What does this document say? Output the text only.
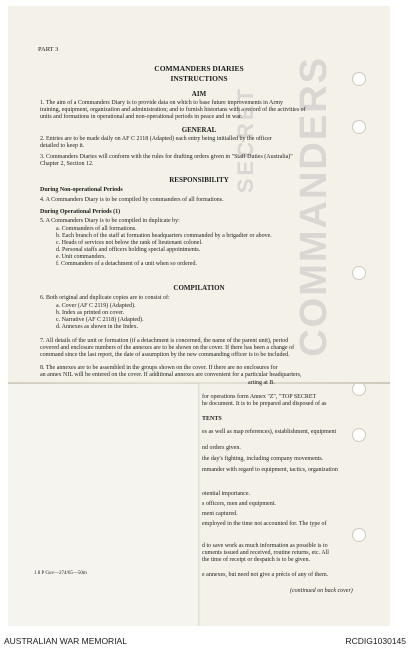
COMMANDERS
SECRET
PART 3
COMMANDERS DIARIES
INSTRUCTIONS
AIM
1. The aim of a Commanders Diary is to provide data on which to base future improvements in Army
training, equipment, organization and administration; and to furnish historians with a record of the activities of
units and formations in operational and non-operational periods in peace and in war.
GENERAL
2. Entries are to be made daily on AF C 2118 (Adapted) each entry being initialled by the officer
detailed to keep it.
3. Commanders Diaries will conform with the rules for drafting orders given in "Staff Duties (Australia)"
Chapter 2, Section 12.
RESPONSIBILITY
During Non-operational Periods
4. A Commanders Diary is to be compiled by commanders of all formations.
During Operational Periods (1)
5. A Commanders Diary is to be compiled in duplicate by:
a. Commanders of all formations.
b. Each branch of the staff at formation headquarters commanded by a brigadier or above.
c. Heads of services not below the rank of lieutenant colonel.
d. Personal staffs and officers holding special appointments.
e. Unit commanders.
f. Commanders of a detachment of a unit when so ordered.
COMPILATION
6. Both original and duplicate copies are to consist of:
a. Cover (AF C 2119) (Adapted).
b. Index as printed on cover.
c. Narrative (AF C 2118) (Adapted).
d. Annexes as shown in the Index.
7. All details of the unit or formation (if a detachment is concerned, the name of the parent unit), period
covered and enclosure numbers of the annexes are to be shown on the cover. If there has been a change of
command since the last report, the date of assumption by the new commanding officer is to be included.
8. The annexes are to be assembled in the groups shown on the cover. If there are no enclosures for
an annex NIL will be entered on the cover. If additional annexes are convenient for a particular headquarters,
1 8 P Gov—274/65—50m
arting at B.
for operations form Annex "Z", "TOP SECRET
he document. It is to be prepared and disposed of as
TENTS
es as well as map references), establishment, equipment
nd orders given.
the day's fighting, including company movements.
mmander with regard to equipment, tactics, organization
otential importance.
s officers, men and equipment.
ment captured.
employed in the time not accounted for. The type of
d to save work as much information as possible is to
cuments issued and received, routine returns, etc. All
the time of receipt or despatch is to be given.
e annexes, but need not give a précis of any of them.
(continued on back cover)
AUSTRALIAN WAR MEMORIAL	RCDIG1030145
